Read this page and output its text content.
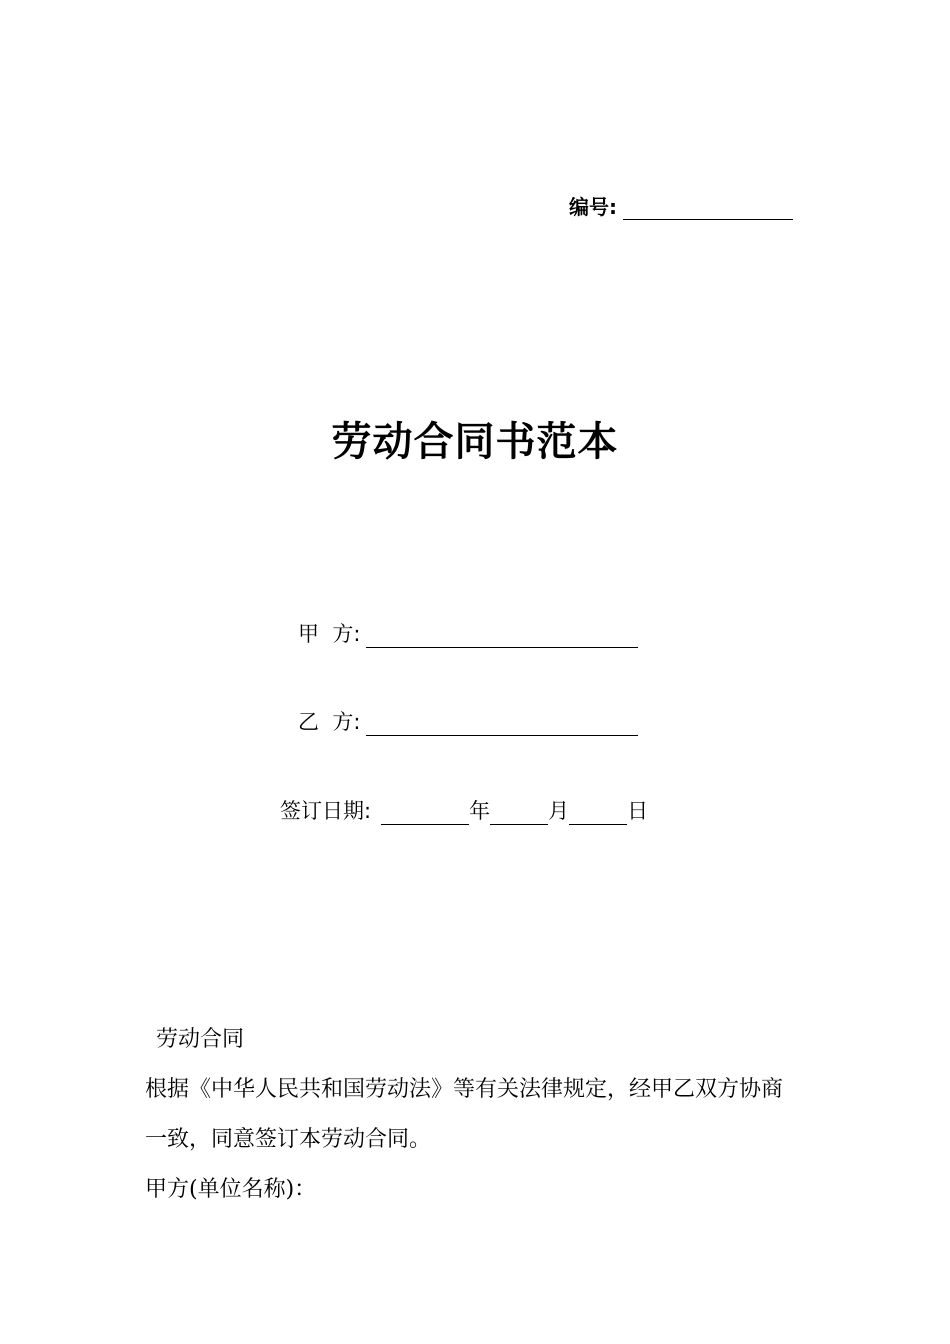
编号:
劳动合同书范本
甲  方:
乙  方:
签订日期:	年	月	日
劳动合同
根据《中华人民共和国劳动法》等有关法律规定，经甲乙双方协商
一致，同意签订本劳动合同。
甲方(单位名称)：
